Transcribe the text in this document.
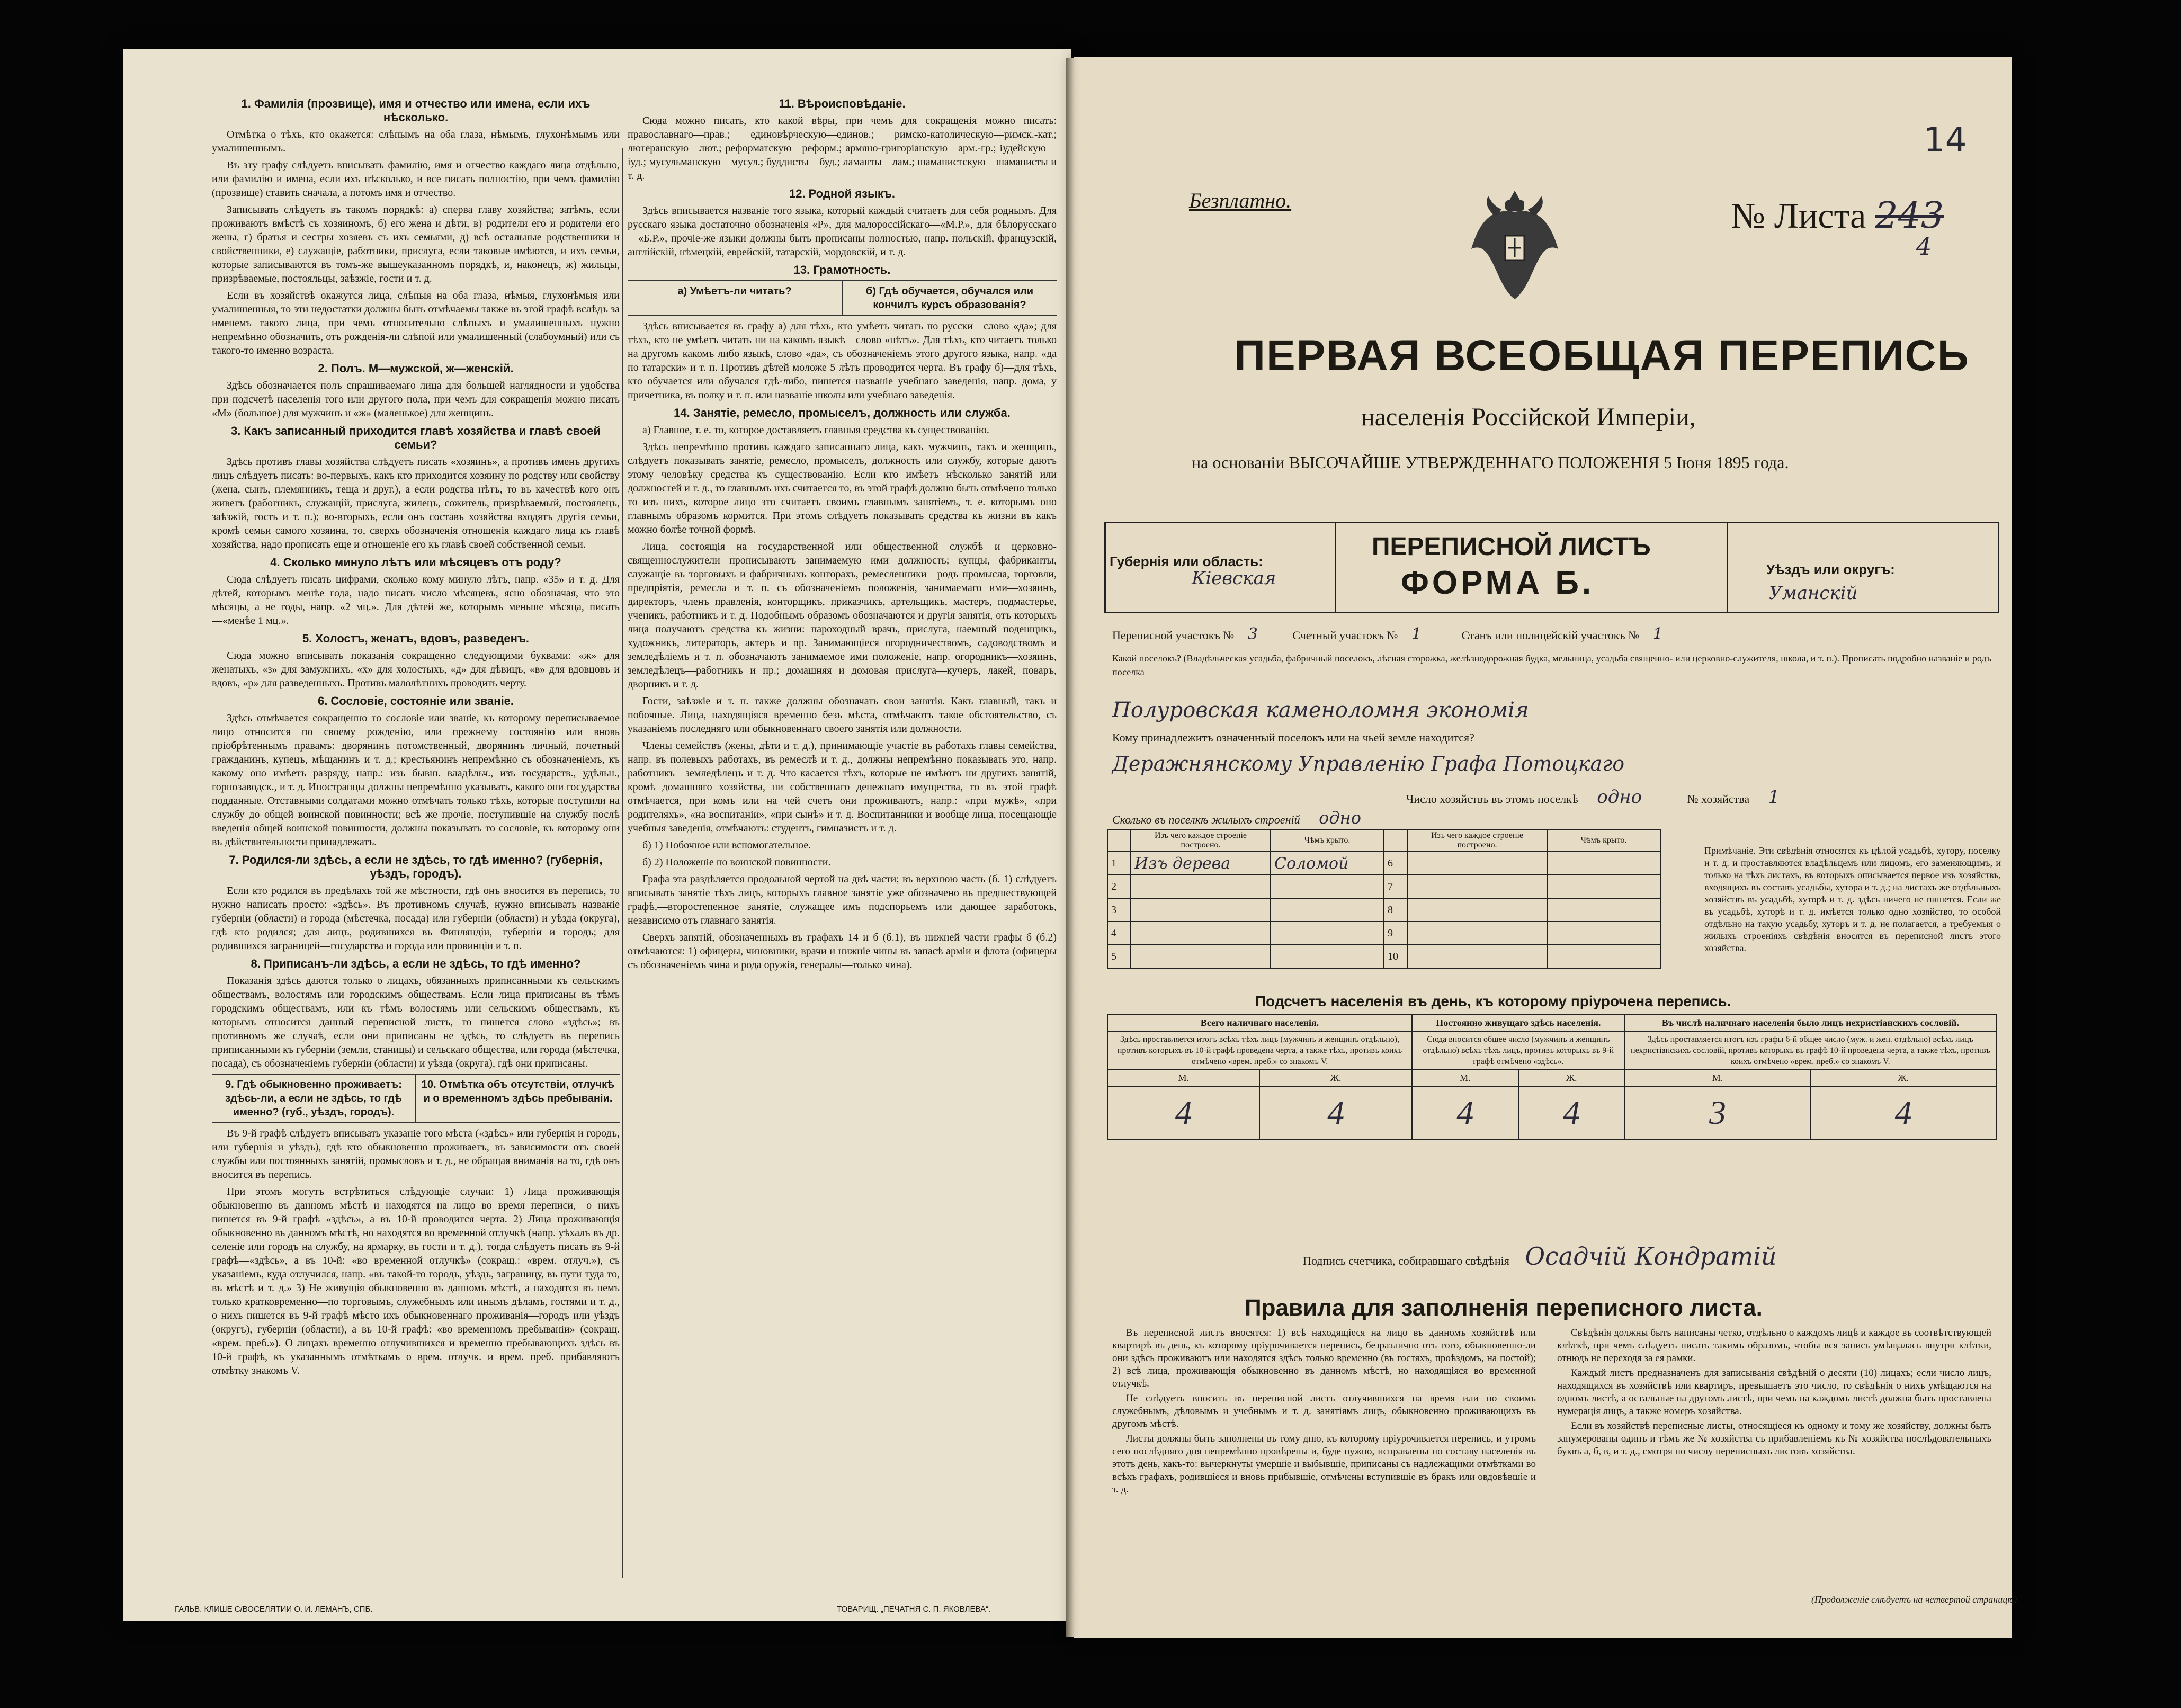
1. Фамилія (прозвище), имя и отчество или имена, если ихъ нѣсколько.

Отмѣтка о тѣхъ, кто окажется: слѣпымъ на оба глаза, нѣмымъ, глухонѣмымъ или умалишеннымъ.

Въ эту графу слѣдуетъ вписывать фамилію, имя и отчество каждаго лица отдѣльно, или фамилію и имена, если ихъ нѣсколько, и все писать полностію, при чемъ фамилію (прозвище) ставить сначала, а потомъ имя и отчество.

Записывать слѣдуетъ въ такомъ порядкѣ: а) сперва главу хозяйства; затѣмъ, если проживаютъ вмѣстѣ съ хозяиномъ, б) его жена и дѣти, в) родители его и родители его жены, г) братья и сестры хозяевъ съ ихъ семьями, д) всѣ остальные родственники и свойственники, е) служащіе, работники, прислуга, если таковые имѣются, и ихъ семьи, которые записываются въ томъ-же вышеуказанномъ порядкѣ, и, наконецъ, ж) жильцы, призрѣваемые, постояльцы, заѣзжіе, гости и т. д.

Если въ хозяйствѣ окажутся лица, слѣпыя на оба глаза, нѣмыя, глухонѣмыя или умалишенныя, то эти недостатки должны быть отмѣчаемы также въ этой графѣ вслѣдъ за именемъ такого лица, при чемъ относительно слѣпыхъ и умалишенныхъ нужно непремѣнно обозначить, отъ рожденія-ли слѣпой или умалишенный (слабоумный) или съ такого-то именно возраста.

2. Полъ. М—мужской, ж—женскій.

Здѣсь обозначается полъ спрашиваемаго лица для большей наглядности и удобства при подсчетѣ населенія того или другого пола, при чемъ для сокращенія можно писать «М» (большое) для мужчинъ и «ж» (маленькое) для женщинъ.

3. Какъ записанный приходится главѣ хозяйства и главѣ своей семьи?

Здѣсь противъ главы хозяйства слѣдуетъ писать «хозяинъ», а противъ именъ другихъ лицъ слѣдуетъ писать: во-первыхъ, какъ кто приходится хозяину по родству или свойству (жена, сынъ, племянникъ, теща и друг.), а если родства нѣтъ, то въ качествѣ кого онъ живетъ (работникъ, служащій, прислуга, жилецъ, сожитель, призрѣваемый, постоялецъ, заѣзжій, гость и т. п.); во-вторыхъ, если онъ составъ хозяйства входятъ другія семьи, кромѣ семьи самого хозяина, то, сверхъ обозначенія отношенія каждаго лица къ главѣ хозяйства, надо прописать еще и отношеніе его къ главѣ своей собственной семьи.

4. Сколько минуло лѣтъ или мѣсяцевъ отъ роду?

Сюда слѣдуетъ писать цифрами, сколько кому минуло лѣтъ, напр. «35» и т. д. Для дѣтей, которымъ менѣе года, надо писать число мѣсяцевъ, ясно обозначая, что это мѣсяцы, а не годы, напр. «2 мц.». Для дѣтей же, которымъ меньше мѣсяца, писать—«менѣе 1 мц.».

5. Холостъ, женатъ, вдовъ, разведенъ.

Сюда можно вписывать показанія сокращенно следующими буквами: «ж» для женатыхъ, «з» для замужнихъ, «х» для холостыхъ, «д» для дѣвицъ, «в» для вдовцовъ и вдовъ, «р» для разведенныхъ. Противъ малолѣтнихъ проводить черту.

6. Сословіе, состояніе или званіе.

Здѣсь отмѣчается сокращенно то сословіе или званіе, къ которому переписываемое лицо относится по своему рожденію, или прежнему состоянію или вновь пріобрѣтеннымъ правамъ: дворянинъ потомственный, дворянинъ личный, почетный гражданинъ, купецъ, мѣщанинъ и т. д.; крестьянинъ непремѣнно съ обозначеніемъ, къ какому оно имѣетъ разряду, напр.: изъ бывш. владѣльч., изъ государств., удѣльн., горнозаводск., и т. д. Иностранцы должны непремѣнно указывать, какого они государства подданные. Отставными солдатами можно отмѣчать только тѣхъ, которые поступили на службу до общей воинской повинности; всѣ же прочіе, поступившіе на службу послѣ введенія общей воинской повинности, должны показывать то сословіе, къ которому они въ дѣйствительности принадлежатъ.

7. Родился-ли здѣсь, а если не здѣсь, то гдѣ именно? (губернія, уѣздъ, городъ).

Если кто родился въ предѣлахъ той же мѣстности, гдѣ онъ вносится въ перепись, то нужно написать просто: «здѣсь». Въ противномъ случаѣ, нужно вписывать названіе губерніи (области) и города (мѣстечка, посада) или губерніи (области) и уѣзда (округа), гдѣ кто родился; для лицъ, родившихся въ Финляндіи,—губерніи и городъ; для родившихся заграницей—государства и города или провинціи и т. п.

8. Приписанъ-ли здѣсь, а если не здѣсь, то гдѣ именно?

Показанія здѣсь даются только о лицахъ, обязанныхъ приписанными къ сельскимъ обществамъ, волостямъ или городскимъ обществамъ. Если лица приписаны въ тѣмъ городскимъ обществамъ, или къ тѣмъ волостямъ или сельскимъ обществамъ, къ которымъ относится данный переписной листъ, то пишется слово «здѣсь»; въ противномъ же случаѣ, если они приписаны не здѣсь, то слѣдуетъ въ перепись приписанными къ губерніи (земли, станицы) и сельскаго общества, или города (мѣстечка, посада), съ обозначеніемъ губерніи (области) и уѣзда (округа), гдѣ они приписаны.

9. Гдѣ обыкновенно проживаетъ: здѣсь-ли, а если не здѣсь, то гдѣ именно? (губ., уѣздъ, городъ).
10. Отмѣтка объ отсутствіи, отлучкѣ и о временномъ здѣсь пребываніи.

Въ 9-й графѣ слѣдуетъ вписывать указаніе того мѣста («здѣсь» или губернія и городъ, или губернія и уѣздъ), гдѣ кто обыкновенно проживаетъ, въ зависимости отъ своей службы или постоянныхъ занятій, промысловъ и т. д., не обращая вниманія на то, гдѣ онъ вносится въ перепись.

При этомъ могутъ встрѣтиться слѣдующіе случаи: 1) Лица проживающія обыкновенно въ данномъ мѣстѣ и находятся на лицо во время переписи,—о нихъ пишется въ 9-й графѣ «здѣсь», а въ 10-й проводится черта. 2) Лица проживающія обыкновенно въ данномъ мѣстѣ, но находятся во временной отлучкѣ (напр. уѣхалъ въ др. селеніе или городъ на службу, на ярмарку, въ гости и т. д.), тогда слѣдуетъ писать въ 9-й графѣ—«здѣсь», а въ 10-й: «во временной отлучкѣ» (сокращ.: «врем. отлуч.»), съ указаніемъ, куда отлучился, напр. «въ такой-то городъ, уѣздъ, заграницу, въ пути туда то, въ мѣстѣ и т. д.» 3) Не живущія обыкновенно въ данномъ мѣстѣ, а находятся въ немъ только кратковременно—по торговымъ, служебнымъ или инымъ дѣламъ, гостями и т. д., о нихъ пишется въ 9-й графѣ мѣсто ихъ обыкновеннаго проживанія—городъ или уѣздъ (округъ), губерніи (области), а въ 10-й графѣ: «во временномъ пребываніи» (сокращ. «врем. преб.»). О лицахъ временно отлучившихся и временно пребывающихъ здѣсь въ 10-й графѣ, къ указаннымъ отмѣткамъ о врем. отлучк. и врем. преб. прибавляютъ отмѣтку знакомъ V.

11. Вѣроисповѣданіе.

Сюда можно писать, кто какой вѣры, при чемъ для сокращенія можно писать: православнаго—прав.; единовѣрческую—единов.; римско-католическую—римск.-кат.; лютеранскую—лют.; реформатскую—реформ.; армяно-григоріанскую—арм.-гр.; іудейскую—іуд.; мусульманскую—мусул.; буддисты—буд.; ламанты—лам.; шаманистскую—шаманисты и т. д.

12. Родной языкъ.

Здѣсь вписывается названіе того языка, который каждый считаетъ для себя роднымъ. Для русскаго языка достаточно обозначенія «Р», для малороссійскаго—«М.Р.», для бѣлорусскаго—«Б.Р.», прочіе-же языки должны быть прописаны полностью, напр. польскій, французскій, англійскій, нѣмецкій, еврейскій, татарскій, мордовскій, и т. д.

13. Грамотность.
а) Умѣетъ-ли читать?	б) Гдѣ обучается, обучался или кончилъ курсъ образованія?

Здѣсь вписывается въ графу а) для тѣхъ, кто умѣетъ читать по русски—слово «да»; для тѣхъ, кто не умѣетъ читать ни на какомъ языкѣ—слово «нѣтъ». Для тѣхъ, кто читаетъ только на другомъ какомъ либо языкѣ, слово «да», съ обозначеніемъ этого другого языка, напр. «да по татарски» и т. п. Противъ дѣтей моложе 5 лѣтъ проводится черта. Въ графу б)—для тѣхъ, кто обучается или обучался гдѣ-либо, пишется названіе учебнаго заведенія, напр. дома, у причетника, въ полку и т. п. или названіе школы или учебнаго заведенія.

14. Занятіе, ремесло, промыселъ, должность или служба.

а) Главное, т. е. то, которое доставляетъ главныя средства къ существованію.

Здѣсь непремѣнно противъ каждаго записаннаго лица, какъ мужчинъ, такъ и женщинъ, слѣдуетъ показывать занятіе, ремесло, промыселъ, должность или службу, которые даютъ этому человѣку средства къ существованію. Если кто имѣетъ нѣсколько занятій или должностей и т. д., то главнымъ ихъ считается то, въ этой графѣ должно быть отмѣчено только то изъ нихъ, которое лицо это считаетъ своимъ главнымъ занятіемъ, т. е. которымъ оно главнымъ образомъ кормится. При этомъ слѣдуетъ показывать средства къ жизни въ какъ можно болѣе точной формѣ.

Лица, состоящія на государственной или общественной службѣ и церковно-священнослужители прописываютъ занимаемую ими должность; купцы, фабриканты, служащіе въ торговыхъ и фабричныхъ конторахъ, ремесленники—родъ промысла, торговли, предпріятія, ремесла и т. п. съ обозначеніемъ положенія, занимаемаго ими—хозяинъ, директоръ, членъ правленія, конторщикъ, приказчикъ, артельщикъ, мастеръ, подмастерье, ученикъ, работникъ и т. д. Подобнымъ образомъ обозначаются и другія занятія, отъ которыхъ лица получаютъ средства къ жизни: пароходный врачъ, прислуга, наемный поденщикъ, художникъ, литераторъ, актеръ и пр. Занимающіеся огородничествомъ, садоводствомъ и земледѣліемъ и т. п. обозначаютъ занимаемое ими положеніе, напр. огородникъ—хозяинъ, земледѣлецъ—работникъ и пр.; домашняя и домовая прислуга—кучеръ, лакей, поваръ, дворникъ и т. д.

Гости, заѣзжіе и т. п. также должны обозначать свои занятія. Какъ главный, такъ и побочные. Лица, находящіяся временно безъ мѣста, отмѣчаютъ такое обстоятельство, съ указаніемъ последняго или обыкновеннаго своего занятія или должности.

Члены семействъ (жены, дѣти и т. д.), принимающіе участіе въ работахъ главы семейства, напр. въ полевыхъ работахъ, въ ремеслѣ и т. д., должны непремѣнно показывать это, напр. работникъ—земледѣлецъ и т. д. Что касается тѣхъ, которые не имѣютъ ни другихъ занятій, кромѣ домашняго хозяйства, ни собственнаго денежнаго имущества, то въ этой графѣ отмѣчается, при комъ или на чей счетъ они проживаютъ, напр.: «при мужѣ», «при родителяхъ», «на воспитаніи», «при сынѣ» и т. д. Воспитанники и вообще лица, посещающіе учебныя заведенія, отмѣчаютъ: студентъ, гимназистъ и т. д.

б) 1) Побочное или вспомогательное.

б) 2) Положеніе по воинской повинности.

Графа эта раздѣляется продольной чертой на двѣ части; въ верхнюю часть (б. 1) слѣдуетъ вписывать занятіе тѣхъ лицъ, которыхъ главное занятіе уже обозначено въ предшествующей графѣ,—второстепенное занятіе, служащее имъ подспорьемъ или дающее заработокъ, независимо отъ главнаго занятія.

Сверхъ занятій, обозначенныхъ въ графахъ 14 и б (б.1), въ нижней части графы б (б.2) отмѣчаются: 1) офицеры, чиновники, врачи и нижніе чины въ запасѣ арміи и флота (офицеры съ обозначеніемъ чина и рода оружія, генералы—только чина).

ГАЛЬВ. КЛИШЕ С/ВОСЕЛЯТИИ О. И. ЛЕМАНЪ, СПБ.	ТОВАРИЩ. „ПЕЧАТНЯ С. П. ЯКОВЛЕВА“.
14
Безплатно.	№ Листа 243
4
ПЕРВАЯ ВСЕОБЩАЯ ПЕРЕПИСЬ
населенія Россійской Имперіи,
на основаніи ВЫСОЧАЙШЕ УТВЕРЖДЕННАГО ПОЛОЖЕНІЯ 5 Іюня 1895 года.
Губернія или область:
Кіевская
ПЕРЕПИСНОЙ ЛИСТЪ
ФОРМА Б.	Уѣздъ или округъ:
Уманскій
Переписной участокъ № 3	Счетный участокъ № 1	Станъ или полицейскій участокъ № 1
Какой поселокъ? (Владѣльческая усадьба, фабричный поселокъ, лѣсная сторожка, желѣзнодорожная будка, мельница, усадьба священно- или церковно-служителя, школа, и т. п.). Прописать подробно названіе и родъ поселка
Полуровская каменоломня экономія
Кому принадлежитъ означенный поселокъ или на чьей земле находится?
Деражнянскому Управленію Графа Потоцкаго
Число хозяйствъ въ этомъ поселкѣ одно	№ хозяйства 1
Сколько въ поселкѣ жилыхъ строеній одно
	Изъ чего каждое строеніе построено.	Чѣмъ крыто.		Изъ чего каждое строеніе построено.	Чѣмъ крыто.
1	Изъ дерева	Соломой	6		
2			7		
3			8		
4			9		
5			10		
Примѣчаніе. Эти свѣдѣнія относятся къ цѣлой усадьбѣ, хутору, поселку и т. д. и проставляются владѣльцемъ или лицомъ, его заменяющимъ, и только на тѣхъ листахъ, въ которыхъ описывается первое изъ хозяйствъ, входящихъ въ составъ усадьбы, хутора и т. д.; на листахъ же отдѣльныхъ хозяйствъ въ усадьбѣ, хуторѣ и т. д. здѣсь ничего не пишется. Если же въ усадьбѣ, хуторѣ и т. д. имѣется только одно хозяйство, то особой отдѣльно на такую усадьбу, хуторъ и т. д. не полагается, а требуемыя о жилыхъ строеніяхъ свѣдѣнія вносятся въ переписной листъ этого хозяйства.
Подсчетъ населенія въ день, къ которому пріурочена перепись.
Всего наличнаго населенія.		Постоянно живущаго здѣсь населенія.		Въ числѣ наличнаго населенія было лицъ нехристіанскихъ сословій.	
Здѣсь проставляется итогъ всѣхъ тѣхъ лицъ (мужчинъ и женщинъ отдѣльно), противъ которыхъ въ 10-й графѣ проведена черта, а также тѣхъ, противъ коихъ отмѣчено «врем. преб.» со знакомъ V.		Сюда вносится общее число (мужчинъ и женщинъ отдѣльно) всѣхъ тѣхъ лицъ, противъ которыхъ въ 9-й графѣ отмѣчено «здѣсь».		Здѣсь проставляется итогъ изъ графы 6-й общее число (муж. и жен. отдѣльно) всѣхъ лицъ нехристіанскихъ сословій, противъ которыхъ въ графѣ 10-й проведена черта, а также тѣхъ, противъ коихъ отмѣчено «врем. преб.» со знакомъ V.	
М.	Ж.	М.	Ж.	М.	Ж.
4	4	4	4	3	4
Подпись счетчика, собиравшаго свѣдѣнія Осадчій Кондратій
Правила для заполненія переписного листа.

Въ переписной листъ вносятся: 1) всѣ находящіеся на лицо въ данномъ хозяйствѣ или квартирѣ въ день, къ которому пріурочивается перепись, безразлично отъ того, обыкновенно-ли они здѣсь проживаютъ или находятся здѣсь только временно (въ гостяхъ, проѣздомъ, на постой); 2) всѣ лица, проживающія обыкновенно въ данномъ мѣстѣ, но находящіяся во временной отлучкѣ.

Не слѣдуетъ вносить въ переписной листъ отлучившихся на время или по своимъ служебнымъ, дѣловымъ и учебнымъ и т. д. занятіямъ лицъ, обыкновенно проживающихъ въ другомъ мѣстѣ.

Листы должны быть заполнены въ тому дню, къ которому пріурочивается перепись, и утромъ сего послѣдняго дня непремѣнно провѣрены и, буде нужно, исправлены по составу населенія въ этотъ день, какъ-то: вычеркнуты умершіе и выбывшіе, приписаны съ надлежащими отмѣтками во всѣхъ графахъ, родившіеся и вновь прибывшіе, отмѣчены вступившіе въ бракъ или овдовѣвшіе и т. д.

Свѣдѣнія должны быть написаны четко, отдѣльно о каждомъ лицѣ и каждое въ соотвѣтствующей клѣткѣ, при чемъ слѣдуетъ писать такимъ образомъ, чтобы вся запись умѣщалась внутри клѣтки, отнюдь не переходя за ея рамки.

Каждый листъ предназначенъ для записыванія свѣдѣній о десяти (10) лицахъ; если число лицъ, находящихся въ хозяйствѣ или квартиръ, превышаетъ это число, то свѣдѣнія о нихъ умѣщаются на одномъ листѣ, а остальные на другомъ листѣ, при чемъ на каждомъ листѣ должна быть проставлена нумерація лицъ, а также номеръ хозяйства.

Если въ хозяйствѣ переписные листы, относящіеся къ одному и тому же хозяйству, должны быть занумерованы одинъ и тѣмъ же № хозяйства съ прибавленіемъ къ № хозяйства послѣдовательныхъ буквъ а, б, в, и т. д., смотря по числу переписныхъ листовъ хозяйства.

(Продолженіе слѣдуетъ на четвертой страницѣ).
